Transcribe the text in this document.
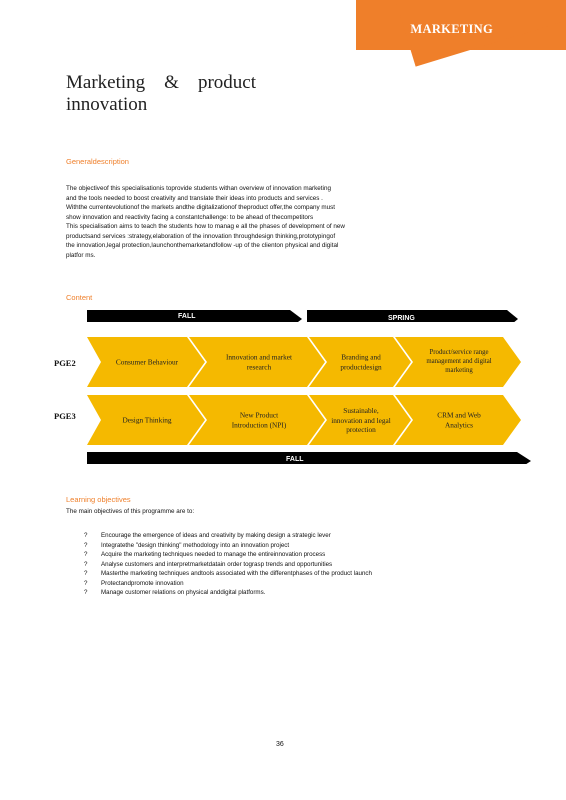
MARKETING
Marketing & product
innovation
Generaldescription

The objectiveof this specialisationis toprovide students withan overview of innovation marketing

and the tools needed to boost creativity and translate their ideas into products and services .

Withthe currentevolutionof the markets andthe digitalizationof theproduct offer,the company must

show innovation and reactivity facing a constantchallenge: to be ahead of thecompetitors

This specialisation aims to teach the students how to manag e all the phases of development of new

productsand services :strategy,elaboration of the innovation throughdesign thinking,prototypingof

the innovation,legal protection,launchonthemarketandfollow -up of the clienton physical and digital

platfor ms.

Content
FALL	SPRING
PGE2
PGE3
Consumer Behaviour
Innovation and market research
Branding and productdesign
Product/service range management and digital marketing
Design Thinking
New Product Introduction (NPI)
Sustainable, innovation and legal protection
CRM and Web Analytics
FALL
Learning objectives
The main objectives of this programme are to:
? Encourage the emergence of ideas and creativity by making design a strategic lever
? Integratethe "design thinking" methodology into an innovation project
? Acquire the marketing techniques needed to manage the entireinnovation process
? Analyse customers and interpretmarketdatain order tograsp trends and opportunities
? Masterthe marketing techniques andtools associated with the differentphases of the product launch
? Protectandpromote innovation
? Manage customer relations on physical anddigital platforms.
36
